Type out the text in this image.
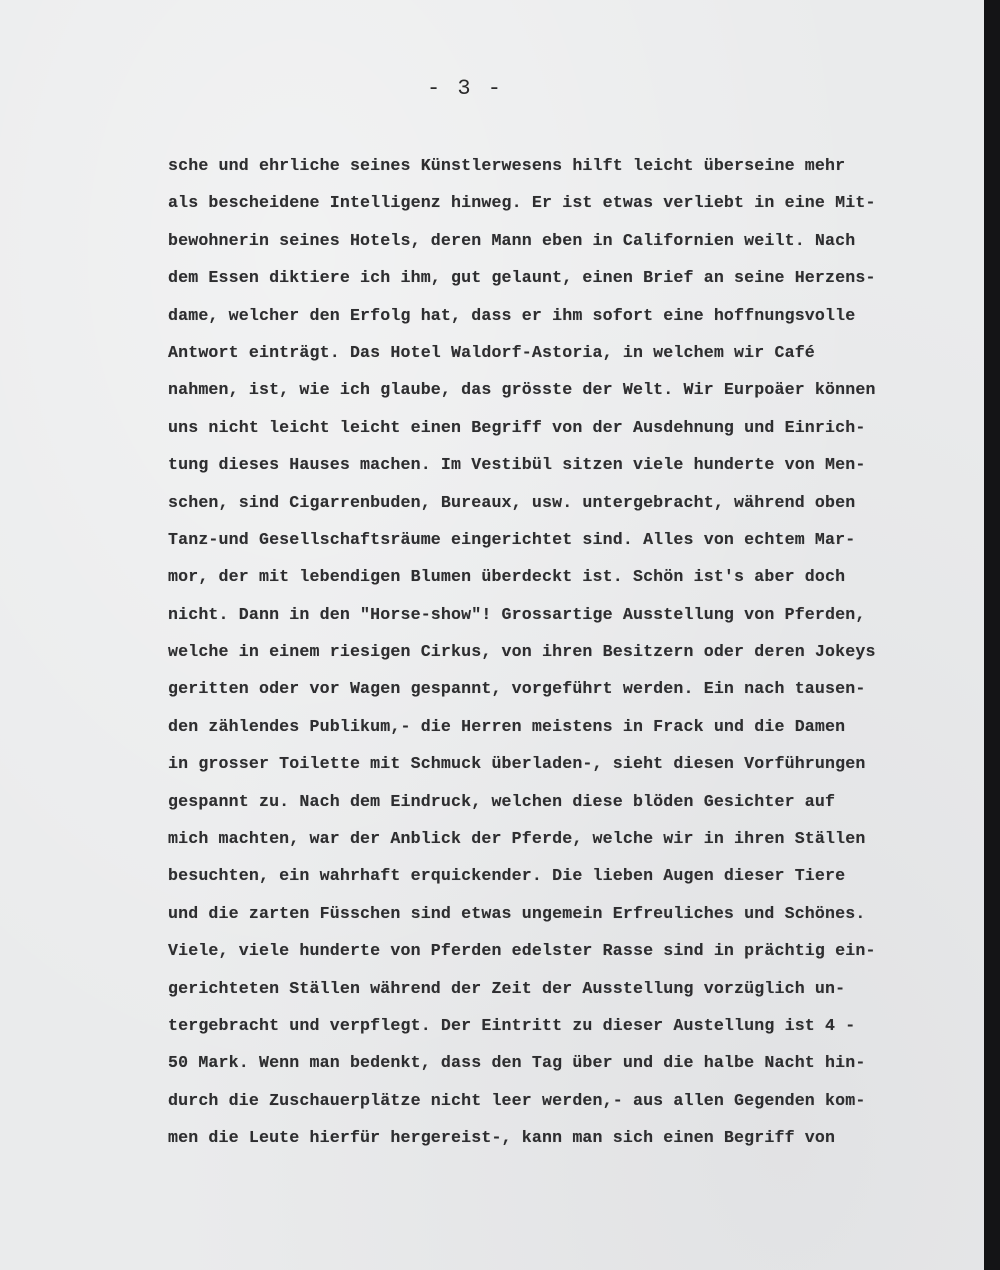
- 3 -
sche und ehrliche seines Künstlerwesens hilft leicht überseine mehr
als bescheidene Intelligenz hinweg. Er ist etwas verliebt in eine Mit-
bewohnerin seines Hotels, deren Mann eben in Californien weilt. Nach
dem Essen diktiere ich ihm, gut gelaunt, einen Brief an seine Herzens-
dame, welcher den Erfolg hat, dass er ihm sofort eine hoffnungsvolle
Antwort einträgt. Das Hotel Waldorf-Astoria, in welchem wir Café
nahmen, ist, wie ich glaube, das grösste der Welt. Wir Eurpoäer können
uns nicht leicht leicht einen Begriff von der Ausdehnung und Einrich-
tung dieses Hauses machen. Im Vestibül sitzen viele hunderte von Men-
schen, sind Cigarrenbuden, Bureaux, usw. untergebracht, während oben
Tanz-und Gesellschaftsräume eingerichtet sind. Alles von echtem Mar-
mor, der mit lebendigen Blumen überdeckt ist. Schön ist's aber doch
nicht. Dann in den "Horse-show"! Grossartige Ausstellung von Pferden,
welche in einem riesigen Cirkus, von ihren Besitzern oder deren Jokeys
geritten oder vor Wagen gespannt, vorgeführt werden. Ein nach tausen-
den zählendes Publikum,- die Herren meistens in Frack und die Damen
in grosser Toilette mit Schmuck überladen-, sieht diesen Vorführungen
gespannt zu. Nach dem Eindruck, welchen diese blöden Gesichter auf
mich machten, war der Anblick der Pferde, welche wir in ihren Ställen
besuchten, ein wahrhaft erquickender. Die lieben Augen dieser Tiere
und die zarten Füsschen sind etwas ungemein Erfreuliches und Schönes.
Viele, viele hunderte von Pferden edelster Rasse sind in prächtig ein-
gerichteten Ställen während der Zeit der Ausstellung vorzüglich un-
tergebracht und verpflegt. Der Eintritt zu dieser Austellung ist 4 -
50 Mark. Wenn man bedenkt, dass den Tag über und die halbe Nacht hin-
durch die Zuschauerplätze nicht leer werden,- aus allen Gegenden kom-
men die Leute hierfür hergereist-, kann man sich einen Begriff von
